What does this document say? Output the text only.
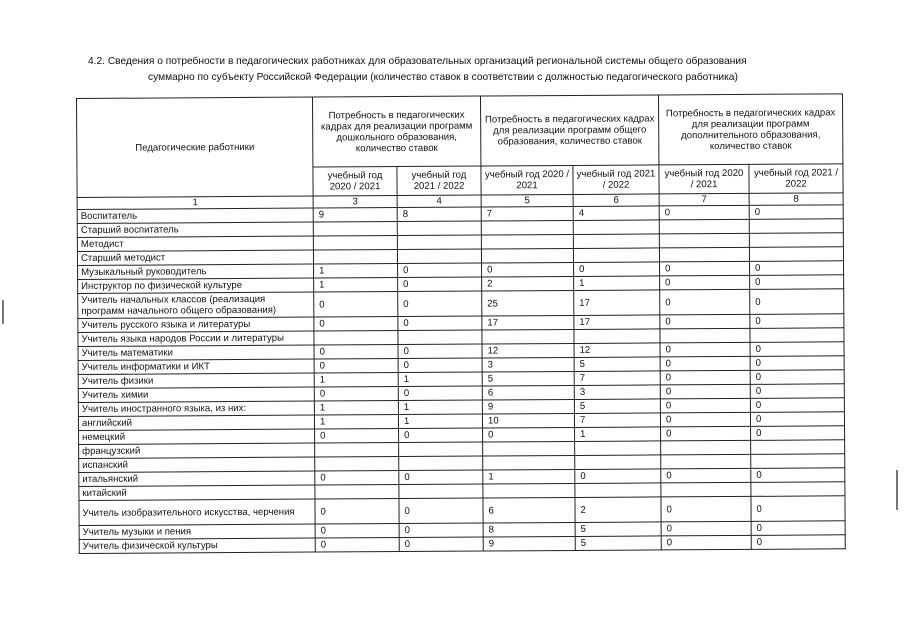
4.2. Сведения о потребности в педагогических работниках для образовательных организаций региональной системы общего образования
суммарно по субъекту Российской Федерации (количество ставок в соответствии с должностью педагогического работника)
Педагогические работники	Потребность в педагогических кадрах для реализации программ дошкольного образования, количество ставок		Потребность в педагогических кадрах для реализации программ общего образования, количество ставок		Потребность в педагогических кадрах для реализации программ дополнительного образования, количество ставок	
	учебный год 2020 / 2021	учебный год 2021 / 2022	учебный год 2020 / 2021	учебный год 2021 / 2022	учебный год 2020 / 2021	учебный год 2021 / 2022
1	3	4	5	6	7	8
Воспитатель	9	8	7	4	0	0
Старший воспитатель						
Методист						
Старший методист						
Музыкальный руководитель	1	0	0	0	0	0
Инструктор по физической культуре	1	0	2	1	0	0
Учитель начальных классов (реализация программ начального общего образования)	0	0	25	17	0	0
Учитель русского языка и литературы	0	0	17	17	0	0
Учитель языка народов России и литературы						
Учитель математики	0	0	12	12	0	0
Учитель информатики и ИКТ	0	0	3	5	0	0
Учитель физики	1	1	5	7	0	0
Учитель химии	0	0	6	3	0	0
Учитель иностранного языка, из них:	1	1	9	5	0	0
английский	1	1	10	7	0	0
немецкий	0	0	0	1	0	0
французский						
испанский						
итальянский	0	0	1	0	0	0
китайский						
Учитель изобразительного искусства, черчения	0	0	6	2	0	0
Учитель музыки и пения	0	0	8	5	0	0
Учитель физической культуры	0	0	9	5	0	0
